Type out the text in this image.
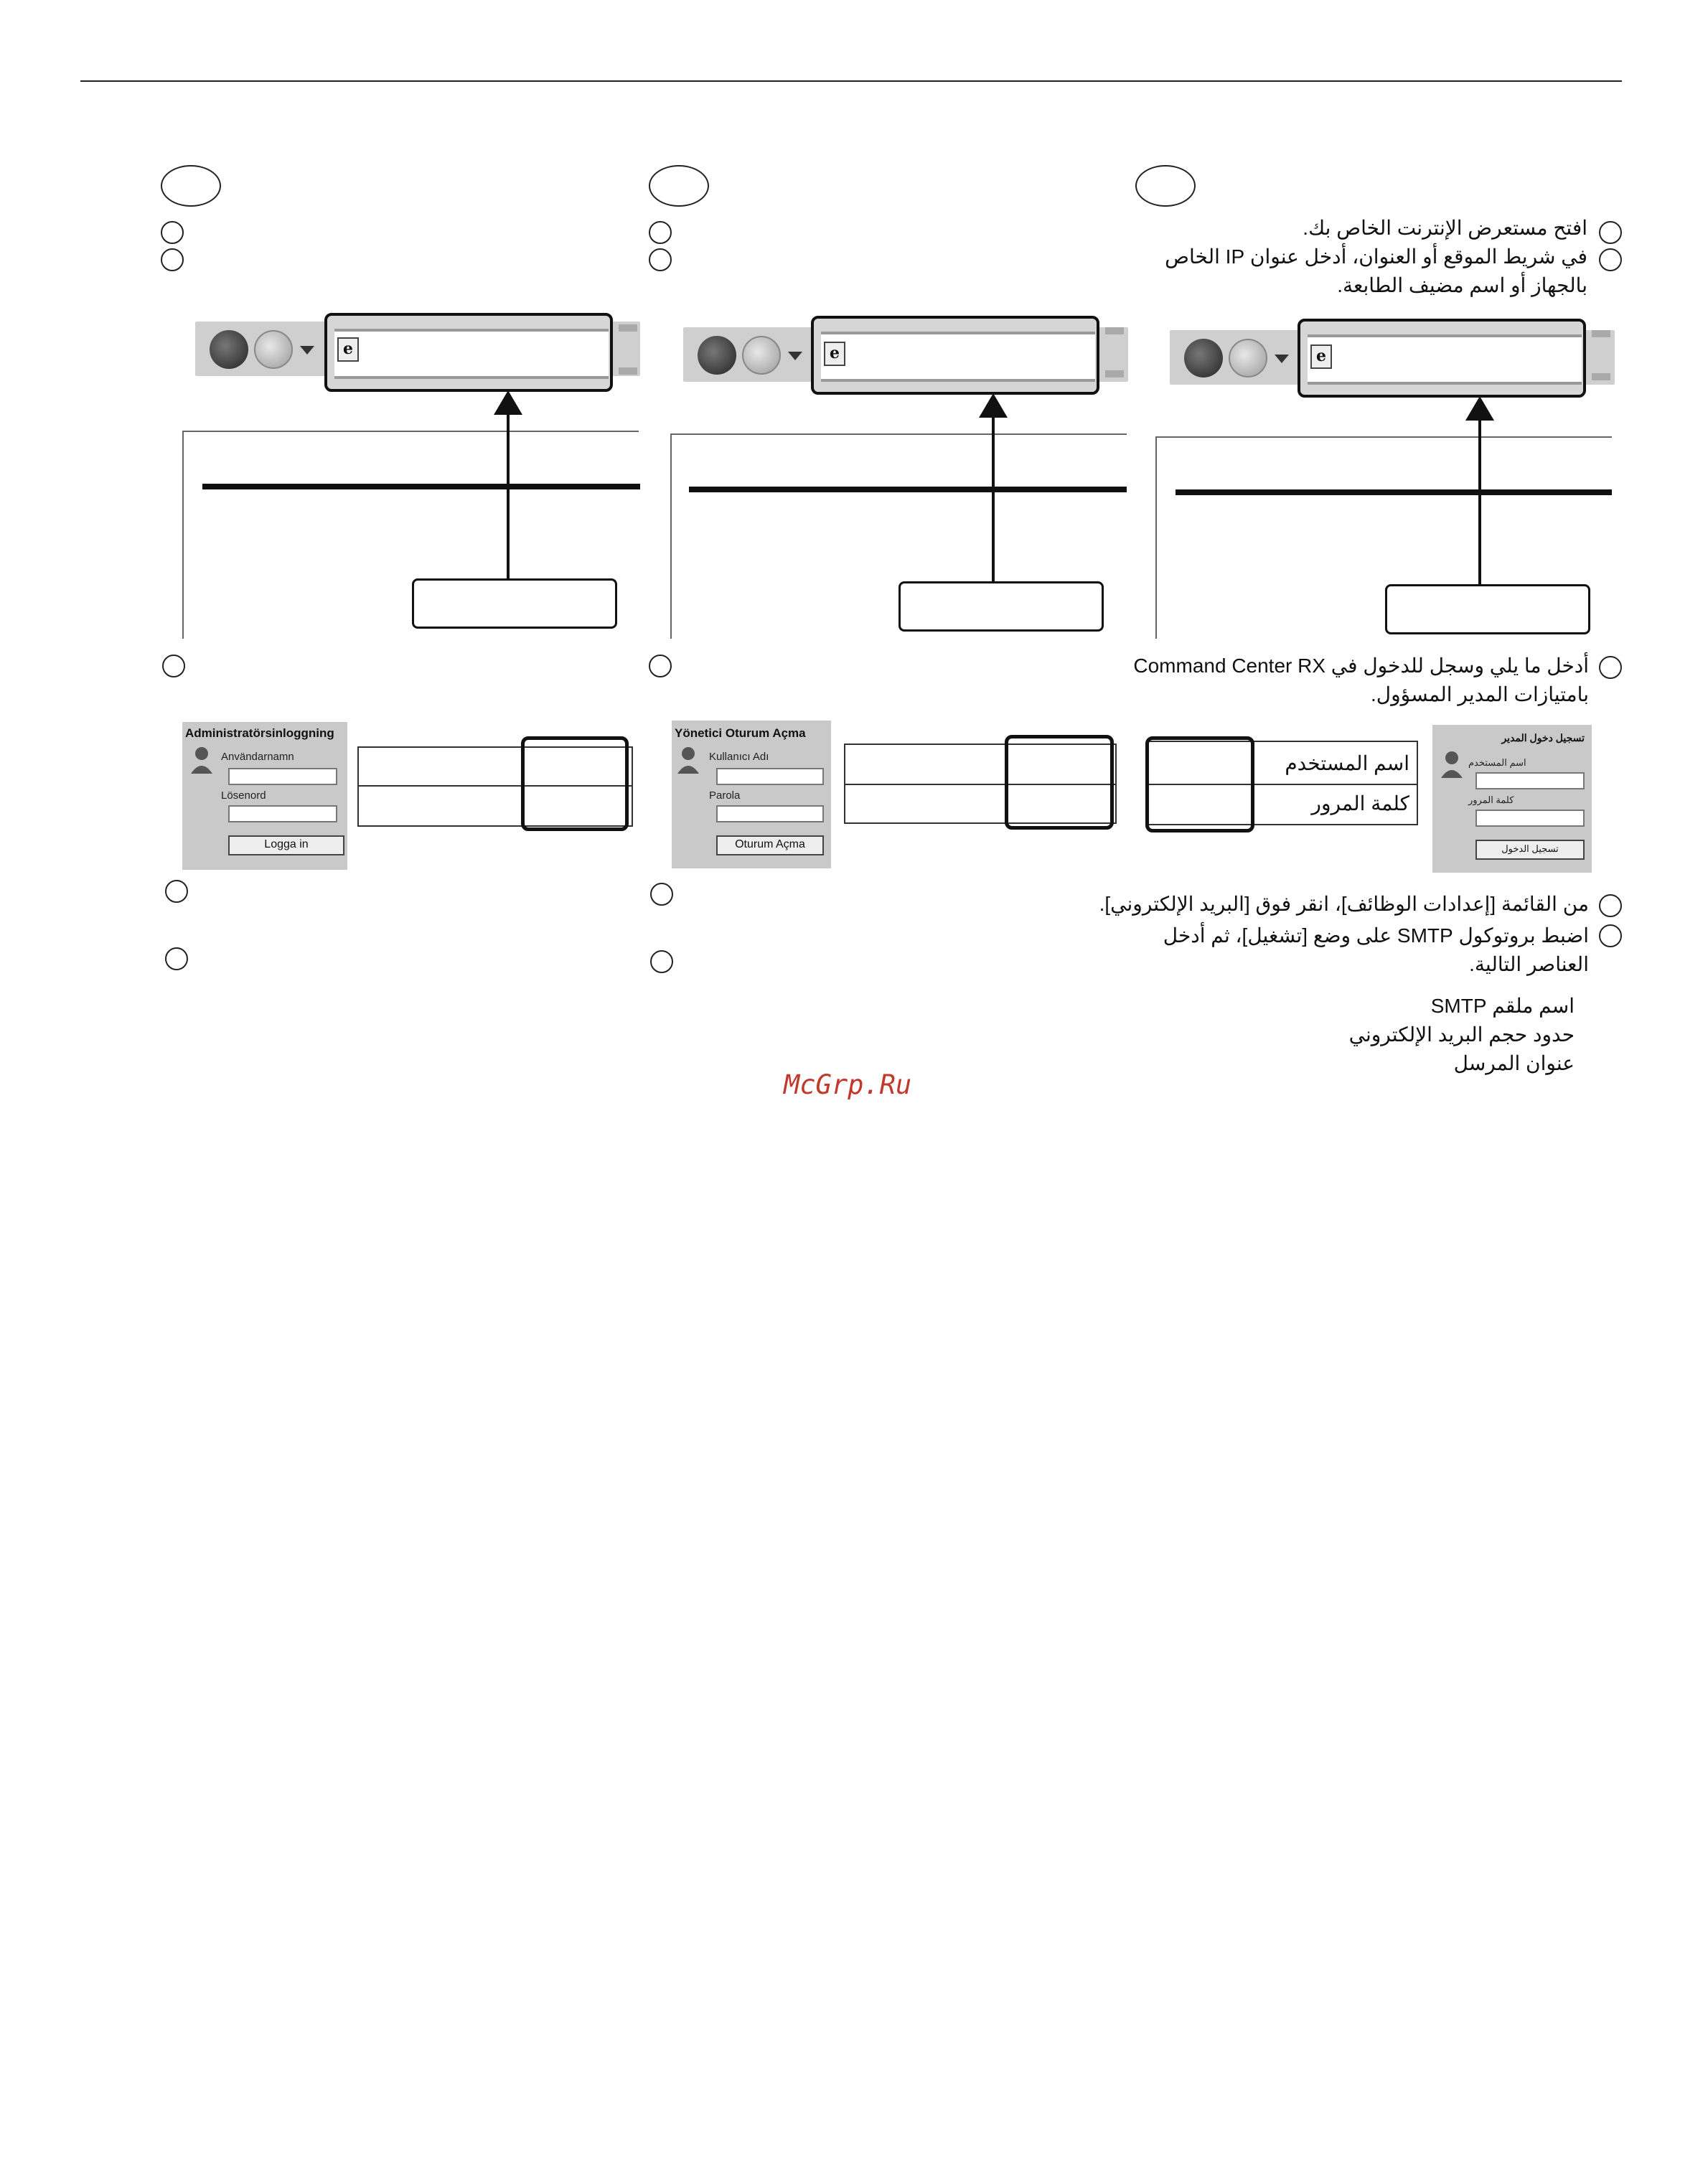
e
Administratörsinloggning
Användarnamn
Lösenord
Logga in
e
Yönetici Oturum Açma
Kullanıcı Adı
Parola
Oturum Açma
افتح مستعرض الإنترنت الخاص بك.
في شريط الموقع أو العنوان، أدخل عنوان IP الخاص بالجهاز أو اسم مضيف الطابعة.
e
أدخل ما يلي وسجل للدخول في Command Center RX بامتيازات المدير المسؤول.
اسم المستخدم
كلمة المرور
تسجيل دخول المدير
اسم المستخدم
كلمة المرور
تسجيل الدخول
من القائمة [إعدادات الوظائف]، انقر فوق [البريد الإلكتروني].
اضبط بروتوكول SMTP على وضع [تشغيل]، ثم أدخل العناصر التالية.
اسم ملقم SMTP
حدود حجم البريد الإلكتروني
عنوان المرسل
McGrp.Ru
